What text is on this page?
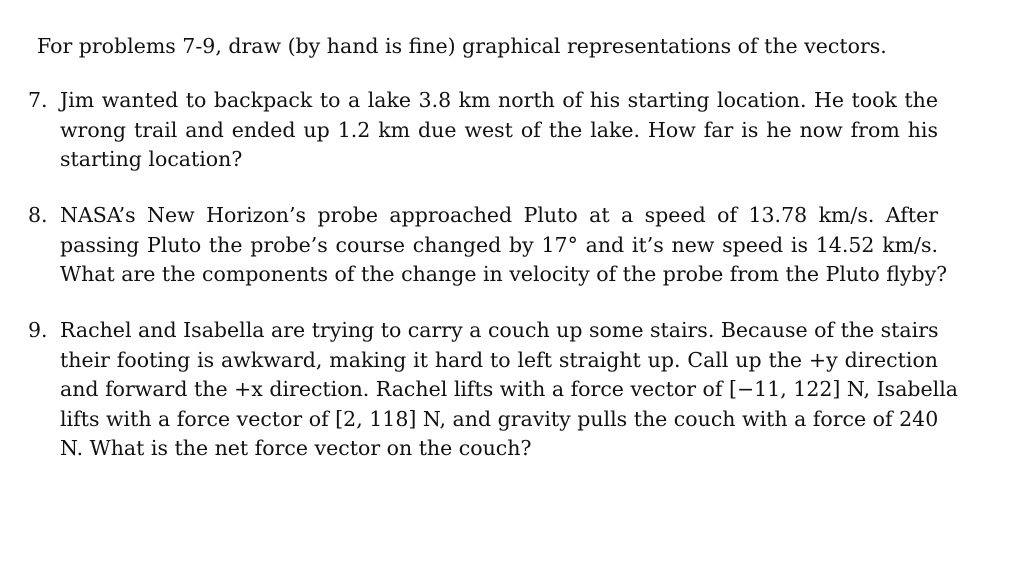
For problems 7-9, draw (by hand is fine) graphical representations of the vectors.
7. Jim wanted to backpack to a lake 3.8 km north of his starting location. He took the
wrong trail and ended up 1.2 km due west of the lake. How far is he now from his
starting location?
8. NASA’s New Horizon’s probe approached Pluto at a speed of 13.78 km/s. After
passing Pluto the probe’s course changed by 17° and it’s new speed is 14.52 km/s.
What are the components of the change in velocity of the probe from the Pluto flyby?
9. Rachel and Isabella are trying to carry a couch up some stairs. Because of the stairs
their footing is awkward, making it hard to left straight up. Call up the +y direction
and forward the +x direction. Rachel lifts with a force vector of [−11, 122] N, Isabella
lifts with a force vector of [2, 118] N, and gravity pulls the couch with a force of 240
N. What is the net force vector on the couch?
